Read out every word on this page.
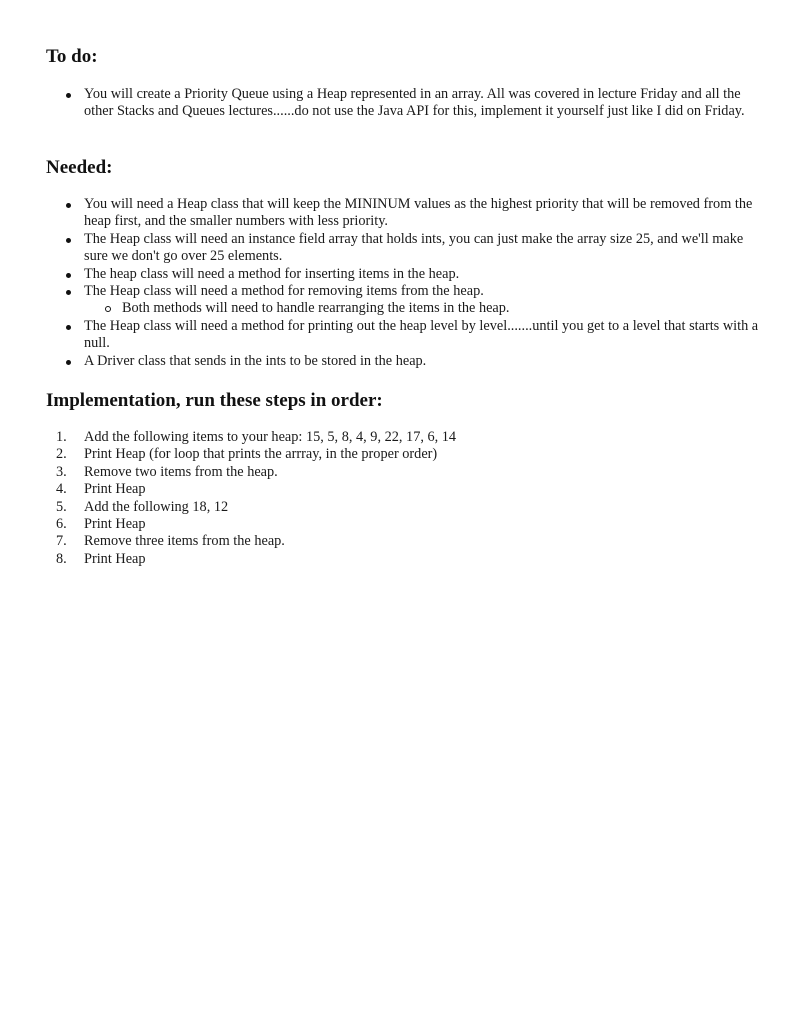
To do:
You will create a Priority Queue using a Heap represented in an array. All was covered in lecture Friday and all the other Stacks and Queues lectures......do not use the Java API for this, implement it yourself just like I did on Friday.
Needed:
You will need a Heap class that will keep the MININUM values as the highest priority that will be removed from the heap first, and the smaller numbers with less priority.
The Heap class will need an instance field array that holds ints, you can just make the array size 25, and we'll make sure we don't go over 25 elements.
The heap class will need a method for inserting items in the heap.
The Heap class will need a method for removing items from the heap.
Both methods will need to handle rearranging the items in the heap.
The Heap class will need a method for printing out the heap level by level.......until you get to a level that starts with a null.
A Driver class that sends in the ints to be stored in the heap.
Implementation, run these steps in order:
1.	Add the following items to your heap: 15, 5, 8, 4, 9, 22, 17, 6, 14
2.	Print Heap (for loop that prints the arrray, in the proper order)
3.	Remove two items from the heap.
4.	Print Heap
5.	Add the following 18, 12
6.	Print Heap
7.	Remove three items from the heap.
8.	Print Heap
